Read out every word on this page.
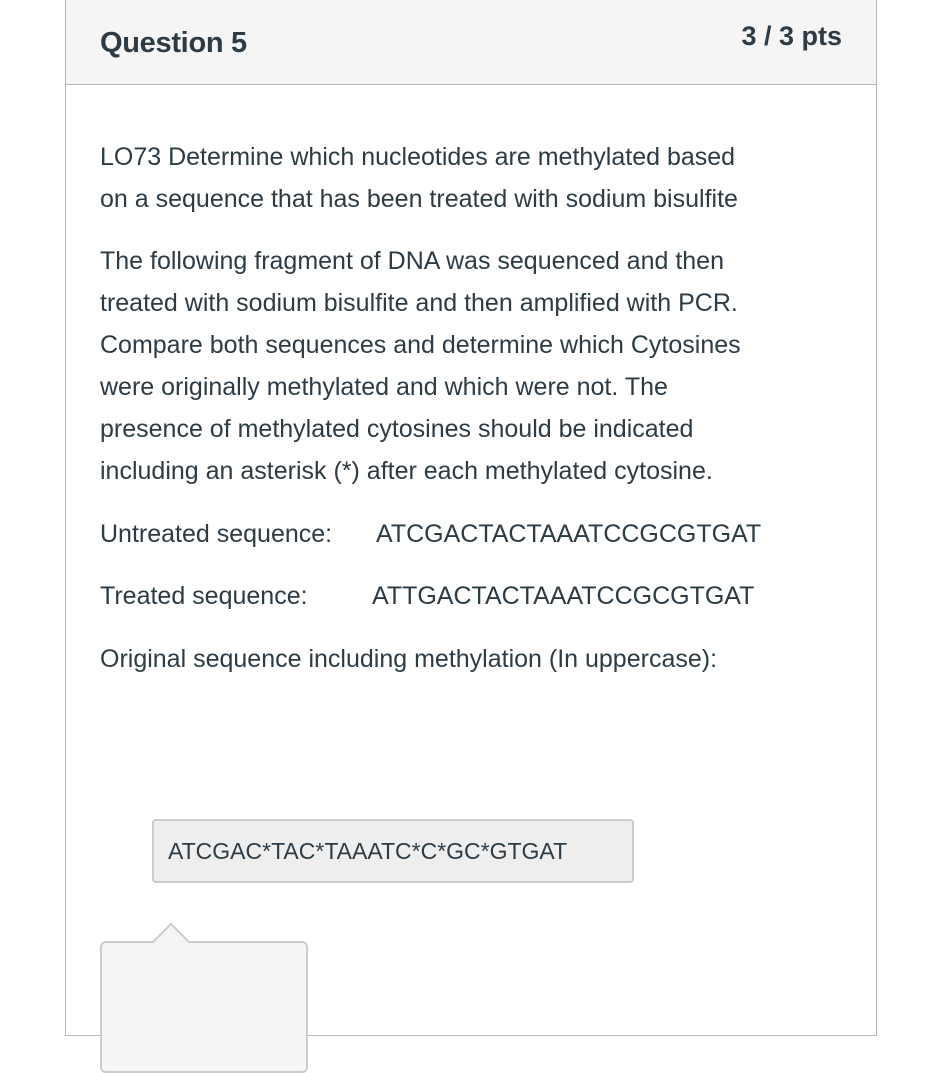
Question 5	3 / 3 pts
LO73 Determine which nucleotides are methylated based
on a sequence that has been treated with sodium bisulfite
The following fragment of DNA was sequenced and then
treated with sodium bisulfite and then amplified with PCR.
Compare both sequences and determine which Cytosines
were originally methylated and which were not. The
presence of methylated cytosines should be indicated
including an asterisk (*) after each methylated cytosine.
Untreated sequence: ATCGACTACTAAATCCGCGTGAT
Treated sequence:	ATTGACTACTAAATCCGCGTGAT
Original sequence including methylation (In uppercase):
ATCGAC*TAC*TAAATC*C*GC*GTGAT
